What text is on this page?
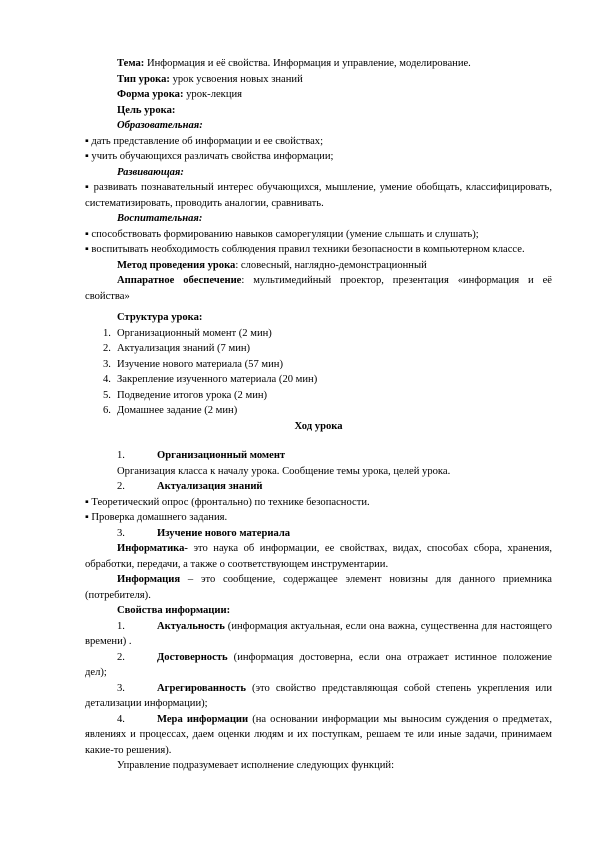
Тема: Информация и её свойства. Информация и управление, моделирование.

Тип урока: урок усвоения новых знаний

Форма урока: урок-лекция

Цель урока:

Образовательная:

▪ дать представление об информации и ее свойствах;

▪ учить обучающихся различать свойства информации;

Развивающая:

▪ развивать познавательный интерес обучающихся, мышление, умение обобщать, классифицировать, систематизировать, проводить аналогии, сравнивать.

Воспитательная:

▪ способствовать формированию навыков саморегуляции (умение слышать и слушать);

▪ воспитывать необходимость соблюдения правил техники безопасности в компьютерном классе.

Метод проведения урока: словесный, наглядно-демонстрационный

Аппаратное обеспечение: мультимедийный проектор, презентация «информация и её свойства»

Структура урока:

1. Организационный момент (2 мин)

2. Актуализация знаний (7 мин)

3. Изучение нового материала (57 мин)

4. Закрепление изученного материала (20 мин)

5. Подведение итогов урока (2 мин)

6. Домашнее задание (2 мин)

Ход урока

1.	Организационный момент

Организация класса к началу урока. Сообщение темы урока, целей урока.

2.	Актуализация знаний

▪ Теоретический опрос (фронтально) по технике безопасности.

▪ Проверка домашнего задания.

3.	Изучение нового материала

Информатика- это наука об информации, ее свойствах, видах, способах сбора, хранения, обработки, передачи, а также о соответствующем инструментарии.

Информация – это сообщение, содержащее элемент новизны для данного приемника (потребителя).

Свойства информации:

1.	Актуальность (информация актуальная, если она важна, существенна для настоящего времени) .

2.	Достоверность (информация достоверна, если она отражает истинное положение дел);

3.	Агрегированность (это свойство представляющая собой степень укрепления или детализации информации);

4.	Мера информации (на основании информации мы выносим суждения о предметах, явлениях и процессах, даем оценки людям и их поступкам, решаем те или иные задачи, принимаем какие-то решения).

Управление подразумевает исполнение следующих функций:
